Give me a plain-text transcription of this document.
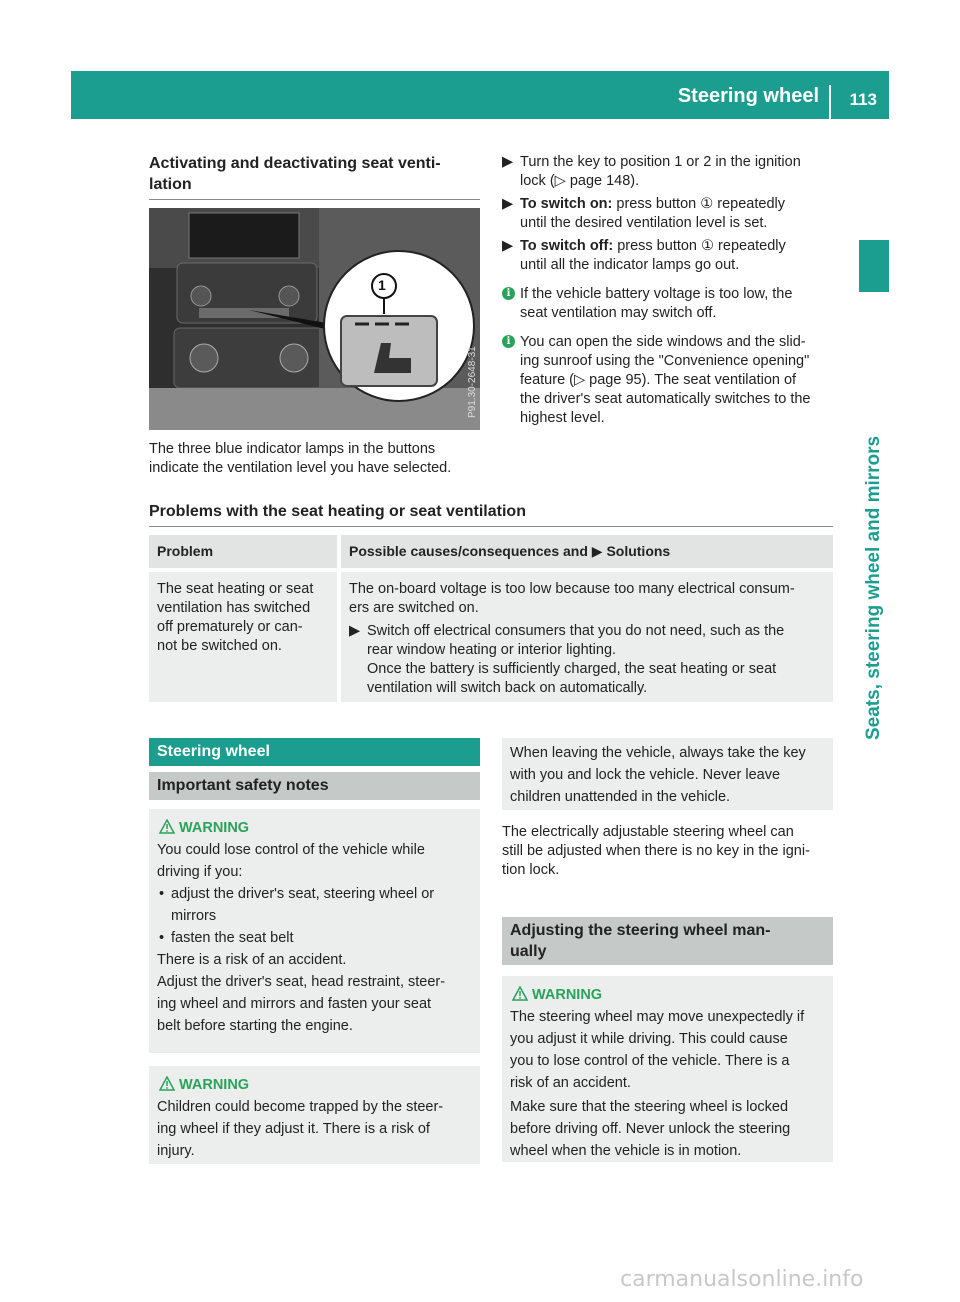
Steering wheel 113
Seats, steering wheel and mirrors
Activating and deactivating seat venti-
lation
1
P91.30-2648-31

The three blue indicator lamps in the buttons

indicate the ventilation level you have selected.

▶ Turn the key to position 1 or 2 in the ignition

lock (▷ page 148).

▶ To switch on: press button ① repeatedly

until the desired ventilation level is set.

▶ To switch off: press button ① repeatedly

until all the indicator lamps go out.

i If the vehicle battery voltage is too low, the

seat ventilation may switch off.

i You can open the side windows and the slid-

ing sunroof using the "Convenience opening"

feature (▷ page 95). The seat ventilation of

the driver's seat automatically switches to the

highest level.

Problems with the seat heating or seat ventilation
Problem	Possible causes/consequences and ▶ Solutions

The seat heating or seat

ventilation has switched

off prematurely or can-

not be switched on.

The on-board voltage is too low because too many electrical consum-

ers are switched on.

▶ Switch off electrical consumers that you do not need, such as the

rear window heating or interior lighting.

Once the battery is sufficiently charged, the seat heating or seat

ventilation will switch back on automatically.

Steering wheel
Important safety notes
WARNING

You could lose control of the vehicle while

driving if you:

• adjust the driver's seat, steering wheel or

mirrors

• fasten the seat belt

There is a risk of an accident.

Adjust the driver's seat, head restraint, steer-

ing wheel and mirrors and fasten your seat

belt before starting the engine.

WARNING

Children could become trapped by the steer-

ing wheel if they adjust it. There is a risk of

injury.

When leaving the vehicle, always take the key

with you and lock the vehicle. Never leave

children unattended in the vehicle.

The electrically adjustable steering wheel can

still be adjusted when there is no key in the igni-

tion lock.

Adjusting the steering wheel man-

ually

WARNING

The steering wheel may move unexpectedly if

you adjust it while driving. This could cause

you to lose control of the vehicle. There is a

risk of an accident.

Make sure that the steering wheel is locked

before driving off. Never unlock the steering

wheel when the vehicle is in motion.

carmanualsonline.info
